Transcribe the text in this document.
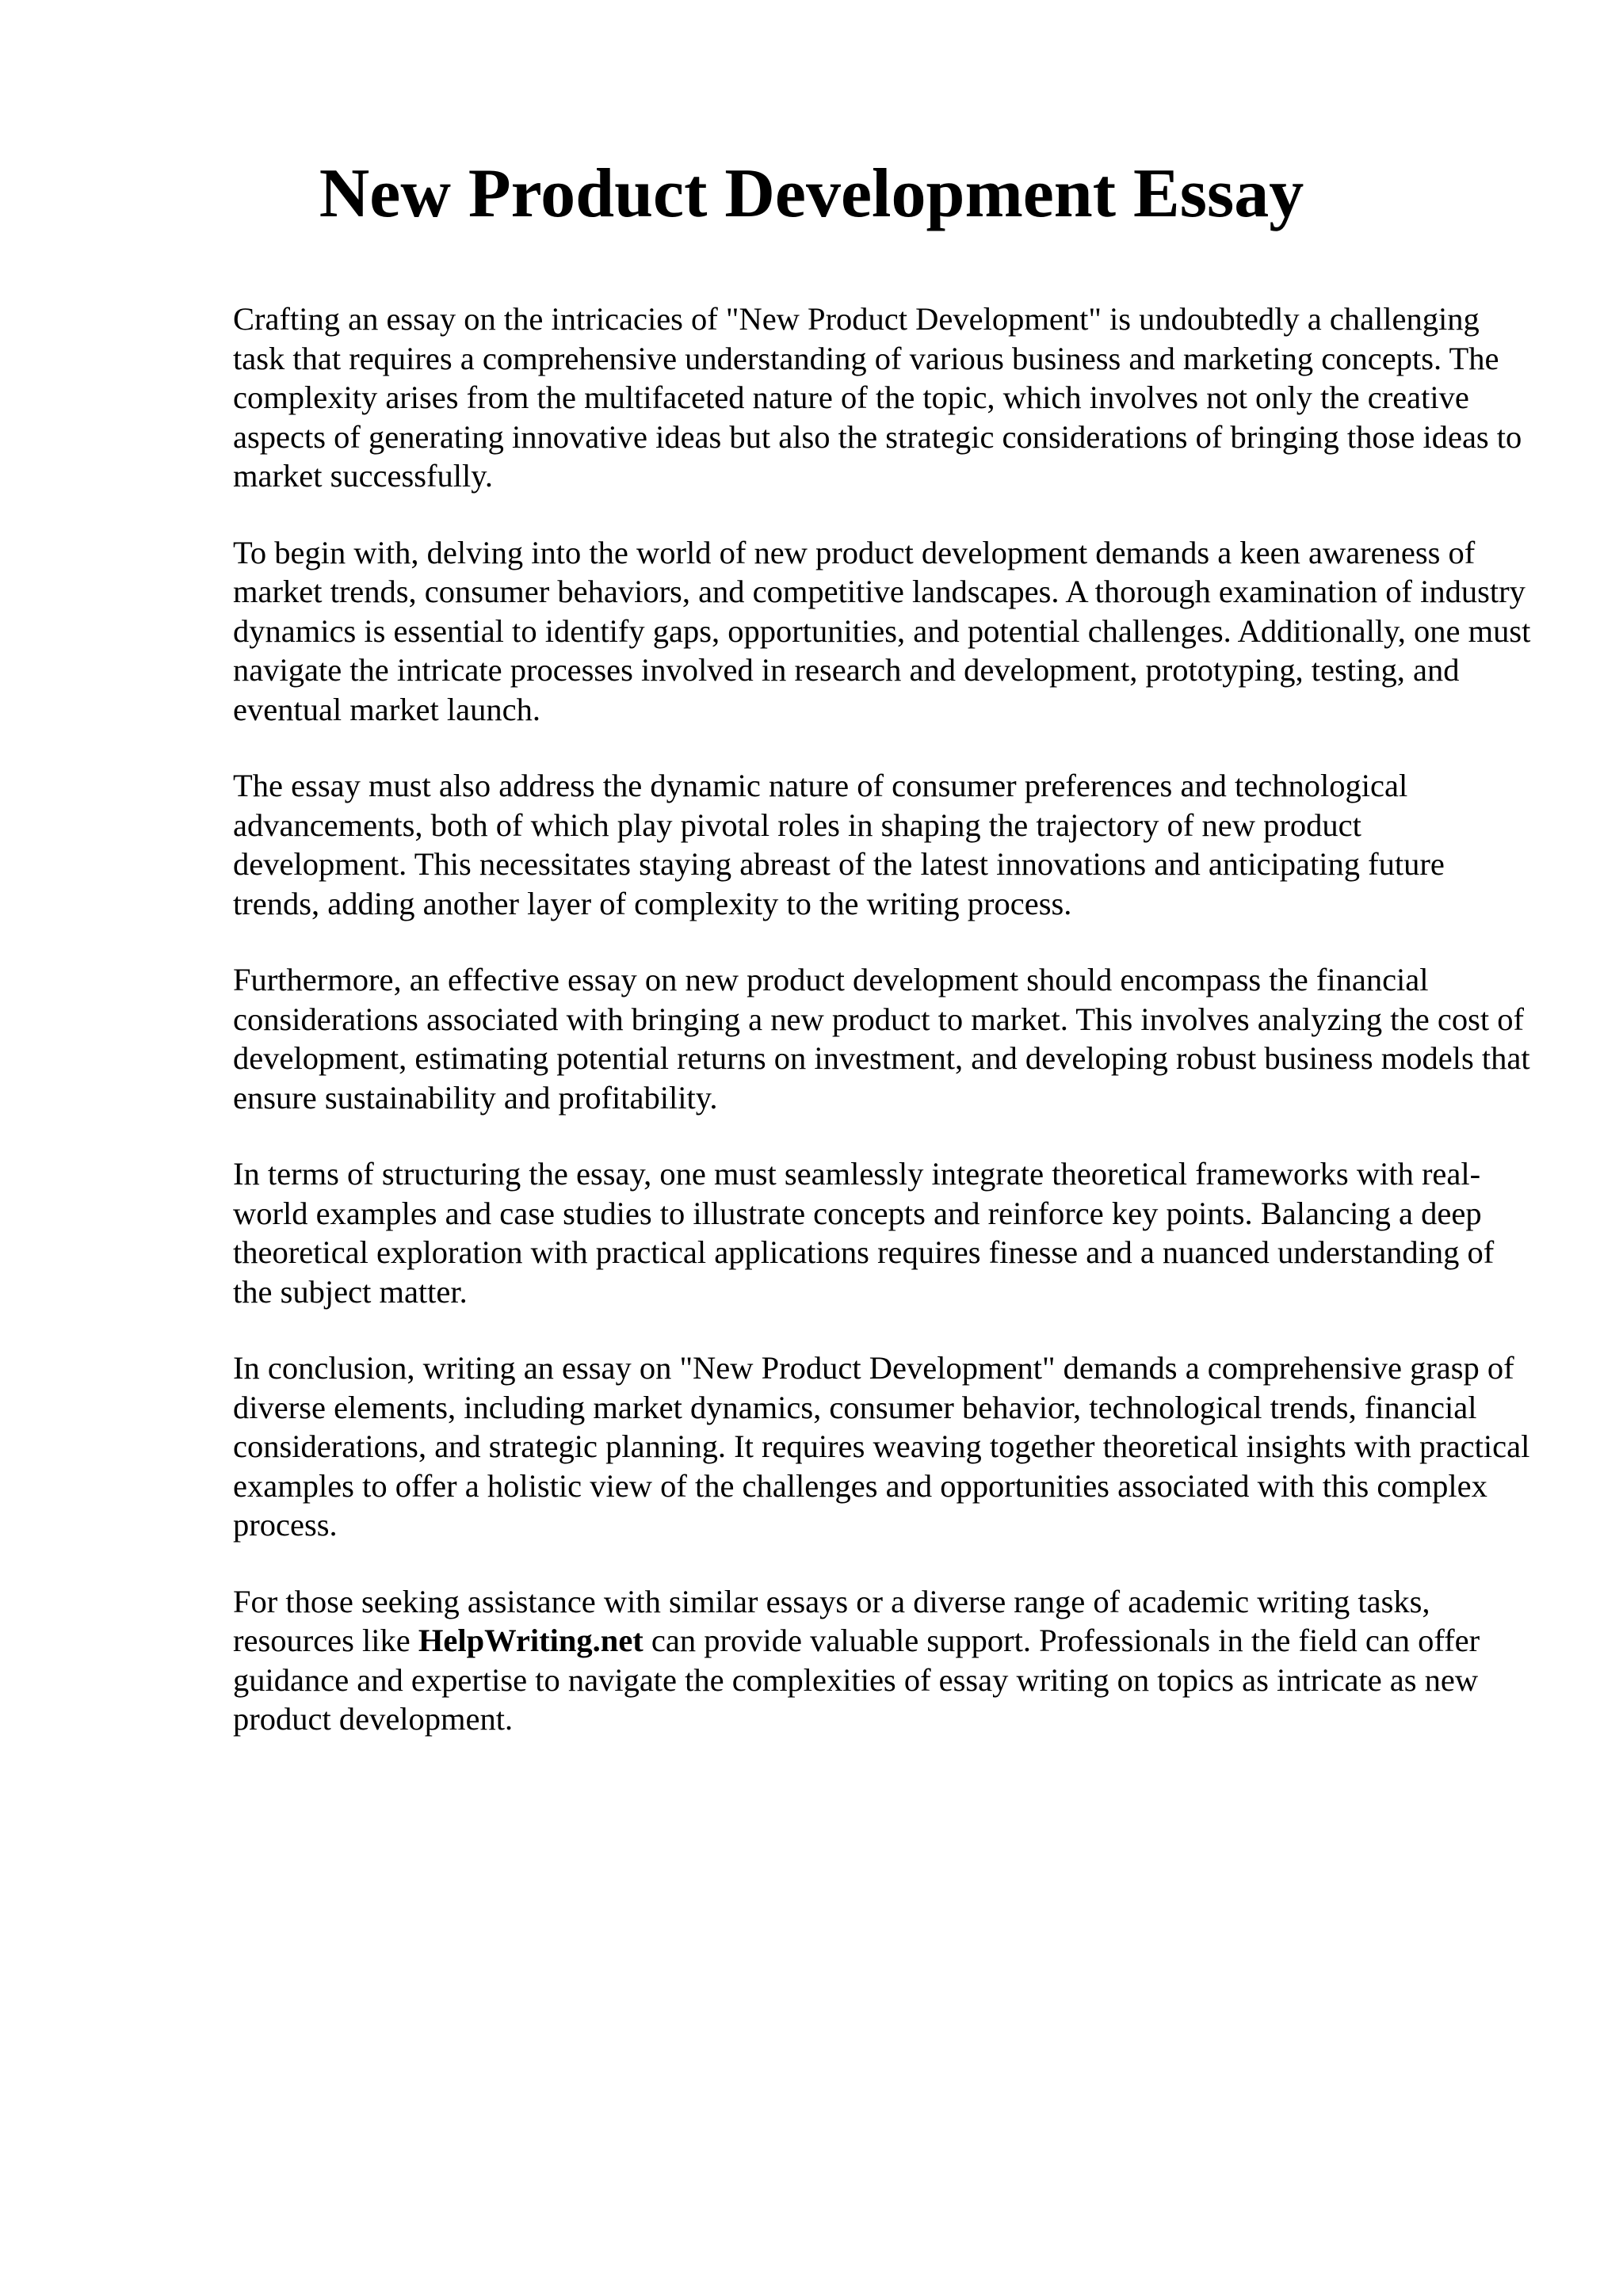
New Product Development Essay

Crafting an essay on the intricacies of "New Product Development" is undoubtedly a challenging task that requires a comprehensive understanding of various business and marketing concepts. The complexity arises from the multifaceted nature of the topic, which involves not only the creative aspects of generating innovative ideas but also the strategic considerations of bringing those ideas to market successfully.

To begin with, delving into the world of new product development demands a keen awareness of market trends, consumer behaviors, and competitive landscapes. A thorough examination of industry dynamics is essential to identify gaps, opportunities, and potential challenges. Additionally, one must navigate the intricate processes involved in research and development, prototyping, testing, and eventual market launch.

The essay must also address the dynamic nature of consumer preferences and technological advancements, both of which play pivotal roles in shaping the trajectory of new product development. This necessitates staying abreast of the latest innovations and anticipating future trends, adding another layer of complexity to the writing process.

Furthermore, an effective essay on new product development should encompass the financial considerations associated with bringing a new product to market. This involves analyzing the cost of development, estimating potential returns on investment, and developing robust business models that ensure sustainability and profitability.

In terms of structuring the essay, one must seamlessly integrate theoretical frameworks with real-world examples and case studies to illustrate concepts and reinforce key points. Balancing a deep theoretical exploration with practical applications requires finesse and a nuanced understanding of the subject matter.

In conclusion, writing an essay on "New Product Development" demands a comprehensive grasp of diverse elements, including market dynamics, consumer behavior, technological trends, financial considerations, and strategic planning. It requires weaving together theoretical insights with practical examples to offer a holistic view of the challenges and opportunities associated with this complex process.

For those seeking assistance with similar essays or a diverse range of academic writing tasks, resources like HelpWriting.net can provide valuable support. Professionals in the field can offer guidance and expertise to navigate the complexities of essay writing on topics as intricate as new product development.
